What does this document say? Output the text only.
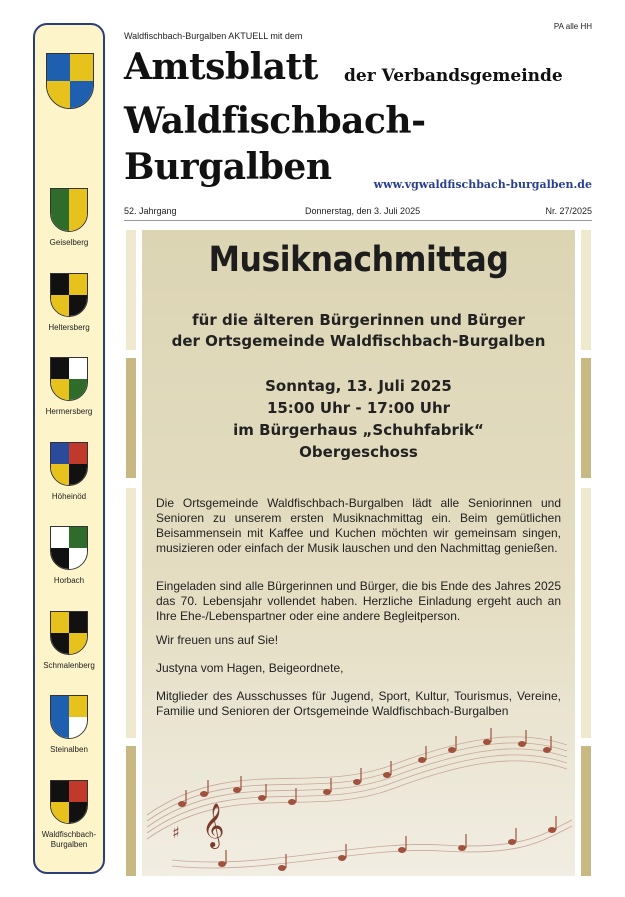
Geiselberg
Heltersberg
Hermersberg
Höheinöd
Horbach
Schmalenberg
Steinalben
Waldfischbach-Burgalben
Waldfischbach-Burgalben AKTUELL mit dem
PA alle HH
Amtsblatt der Verbandsgemeinde
Waldfischbach-
Burgalben	www.vgwaldfischbach-burgalben.de
52. Jahrgang	Donnerstag, den 3. Juli 2025	Nr. 27/2025
Musiknachmittag
für die älteren Bürgerinnen und Bürger
der Ortsgemeinde Waldfischbach-Burgalben
Sonntag, 13. Juli 2025
15:00 Uhr - 17:00 Uhr
im Bürgerhaus „Schuhfabrik“
Obergeschoss
Die Ortsgemeinde Waldfischbach-Burgalben lädt alle Seniorinnen und Senioren zu unserem ersten Musiknachmittag ein. Beim gemütlichen Beisammensein mit Kaffee und Kuchen möchten wir gemeinsam singen, musizieren oder einfach der Musik lauschen und den Nachmittag genießen.
Eingeladen sind alle Bürgerinnen und Bürger, die bis Ende des Jahres 2025 das 70. Lebensjahr vollendet haben. Herzliche Einladung ergeht auch an Ihre Ehe-/Lebenspartner oder eine andere Begleitperson.
Wir freuen uns auf Sie!
Justyna vom Hagen, Beigeordnete,
Mitglieder des Ausschusses für Jugend, Sport, Kultur, Tourismus, Vereine, Familie und Senioren der Ortsgemeinde Waldfischbach-Burgalben
𝄞
♯
